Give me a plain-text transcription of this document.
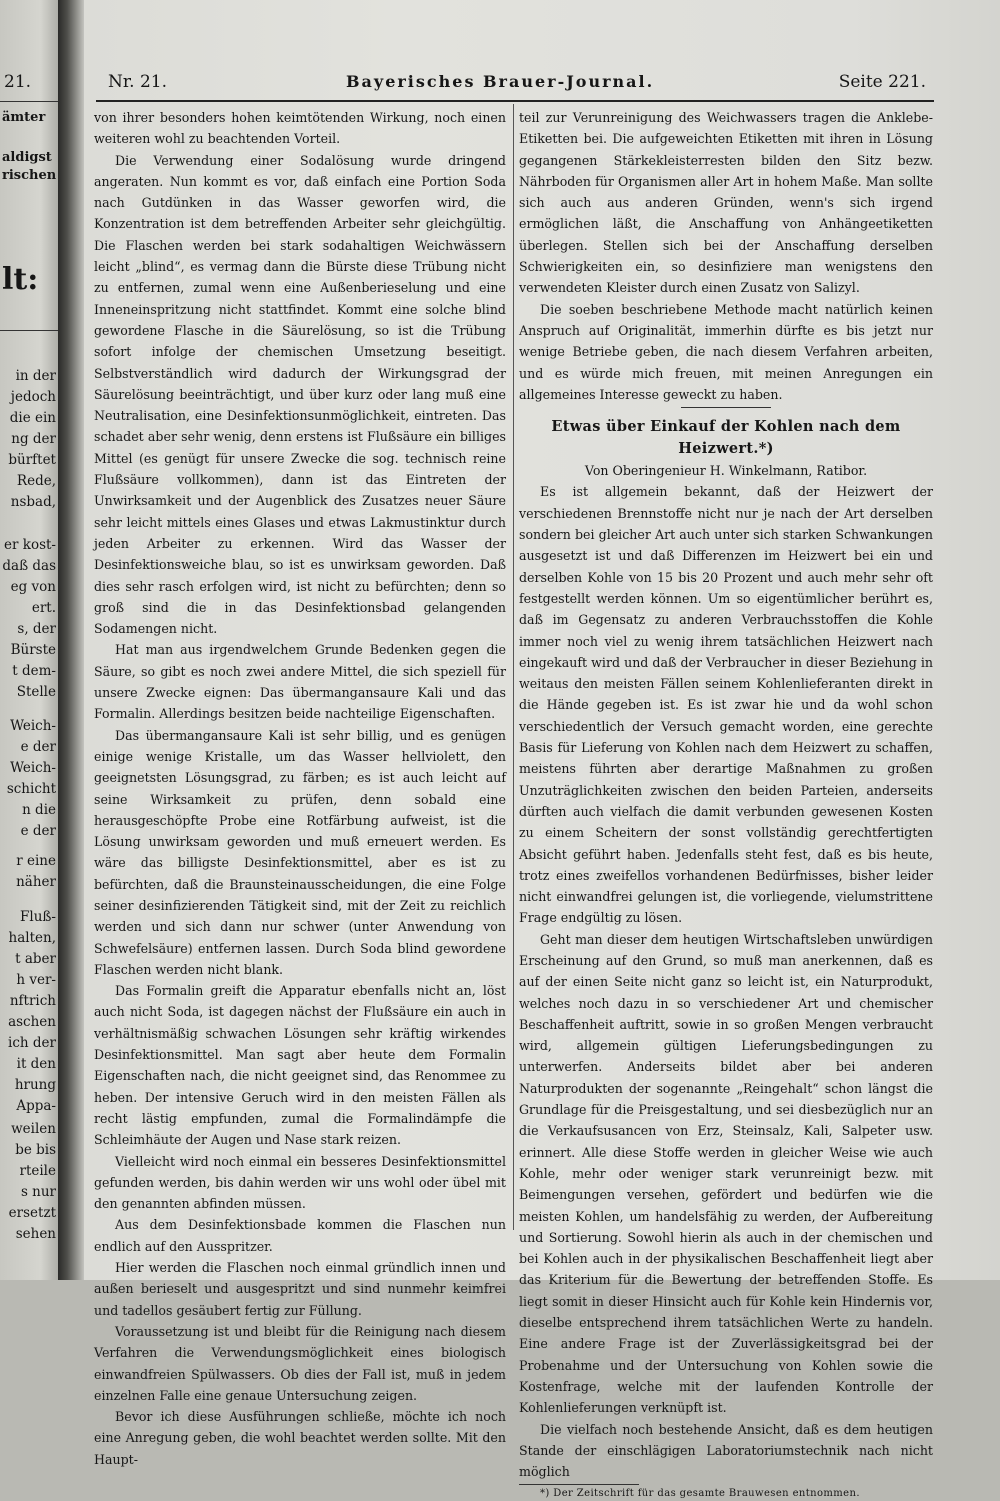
21.
ämter
aldigst
rischen
lt:
in der
jedoch
die ein
ng der
bürftet
Rede,
nsbad,
er kost-
daß das
eg von
ert.
s, der
Bürste
t dem-
Stelle
Weich-
e der
Weich-
schicht
n die
e der
r eine
näher
Fluß-
halten,
t aber
h ver-
nftrich
aschen
ich der
it den
hrung
Appa-
weilen
be bis
rteile
s nur
ersetzt
sehen
Nr. 21.	Bayerisches Brauer-Journal.	Seite 221.

von ihrer besonders hohen keimtötenden Wirkung, noch einen weiteren wohl zu beachtenden Vorteil.

Die Verwendung einer Sodalösung wurde dringend angeraten. Nun kommt es vor, daß einfach eine Portion Soda nach Gutdünken in das Wasser geworfen wird, die Konzentration ist dem betreffenden Arbeiter sehr gleichgültig. Die Flaschen werden bei stark sodahaltigen Weichwässern leicht „blind“, es vermag dann die Bürste diese Trübung nicht zu entfernen, zumal wenn eine Außenberieselung und eine Inneneinspritzung nicht stattfindet. Kommt eine solche blind gewordene Flasche in die Säurelösung, so ist die Trübung sofort infolge der chemischen Umsetzung beseitigt. Selbstverständlich wird dadurch der Wirkungsgrad der Säurelösung beeinträchtigt, und über kurz oder lang muß eine Neutralisation, eine Desinfektionsunmöglichkeit, eintreten. Das schadet aber sehr wenig, denn erstens ist Flußsäure ein billiges Mittel (es genügt für unsere Zwecke die sog. technisch reine Flußsäure vollkommen), dann ist das Eintreten der Unwirksamkeit und der Augenblick des Zusatzes neuer Säure sehr leicht mittels eines Glases und etwas Lakmustinktur durch jeden Arbeiter zu erkennen. Wird das Wasser der Desinfektionsweiche blau, so ist es unwirksam geworden. Daß dies sehr rasch erfolgen wird, ist nicht zu befürchten; denn so groß sind die in das Desinfektionsbad gelangenden Sodamengen nicht.

Hat man aus irgendwelchem Grunde Bedenken gegen die Säure, so gibt es noch zwei andere Mittel, die sich speziell für unsere Zwecke eignen: Das übermangansaure Kali und das Formalin. Allerdings besitzen beide nachteilige Eigenschaften.

Das übermangansaure Kali ist sehr billig, und es genügen einige wenige Kristalle, um das Wasser hellviolett, den geeignetsten Lösungsgrad, zu färben; es ist auch leicht auf seine Wirksamkeit zu prüfen, denn sobald eine herausgeschöpfte Probe eine Rotfärbung aufweist, ist die Lösung unwirksam geworden und muß erneuert werden. Es wäre das billigste Desinfektionsmittel, aber es ist zu befürchten, daß die Braunsteinausscheidungen, die eine Folge seiner desinfizierenden Tätigkeit sind, mit der Zeit zu reichlich werden und sich dann nur schwer (unter Anwendung von Schwefelsäure) entfernen lassen. Durch Soda blind gewordene Flaschen werden nicht blank.

Das Formalin greift die Apparatur ebenfalls nicht an, löst auch nicht Soda, ist dagegen nächst der Flußsäure ein auch in verhältnismäßig schwachen Lösungen sehr kräftig wirkendes Desinfektionsmittel. Man sagt aber heute dem Formalin Eigenschaften nach, die nicht geeignet sind, das Renommee zu heben. Der intensive Geruch wird in den meisten Fällen als recht lästig empfunden, zumal die Formalindämpfe die Schleimhäute der Augen und Nase stark reizen.

Vielleicht wird noch einmal ein besseres Desinfektionsmittel gefunden werden, bis dahin werden wir uns wohl oder übel mit den genannten abfinden müssen.

Aus dem Desinfektionsbade kommen die Flaschen nun endlich auf den Ausspritzer.

Hier werden die Flaschen noch einmal gründlich innen und außen berieselt und ausgespritzt und sind nunmehr keimfrei und tadellos gesäubert fertig zur Füllung.

Voraussetzung ist und bleibt für die Reinigung nach diesem Verfahren die Verwendungsmöglichkeit eines biologisch einwandfreien Spülwassers. Ob dies der Fall ist, muß in jedem einzelnen Falle eine genaue Untersuchung zeigen.

Bevor ich diese Ausführungen schließe, möchte ich noch eine Anregung geben, die wohl beachtet werden sollte. Mit den Haupt-

teil zur Verunreinigung des Weichwassers tragen die Anklebe-Etiketten bei. Die aufgeweichten Etiketten mit ihren in Lösung gegangenen Stärkekleisterresten bilden den Sitz bezw. Nährboden für Organismen aller Art in hohem Maße. Man sollte sich auch aus anderen Gründen, wenn's sich irgend ermöglichen läßt, die Anschaffung von Anhängeetiketten überlegen. Stellen sich bei der Anschaffung derselben Schwierigkeiten ein, so desinfiziere man wenigstens den verwendeten Kleister durch einen Zusatz von Salizyl.

Die soeben beschriebene Methode macht natürlich keinen Anspruch auf Originalität, immerhin dürfte es bis jetzt nur wenige Betriebe geben, die nach diesem Verfahren arbeiten, und es würde mich freuen, mit meinen Anregungen ein allgemeines Interesse geweckt zu haben.

Etwas über Einkauf der Kohlen nach dem Heizwert.*)

Von Oberingenieur H. Winkelmann, Ratibor.

Es ist allgemein bekannt, daß der Heizwert der verschiedenen Brennstoffe nicht nur je nach der Art derselben sondern bei gleicher Art auch unter sich starken Schwankungen ausgesetzt ist und daß Differenzen im Heizwert bei ein und derselben Kohle von 15 bis 20 Prozent und auch mehr sehr oft festgestellt werden können. Um so eigentümlicher berührt es, daß im Gegensatz zu anderen Verbrauchsstoffen die Kohle immer noch viel zu wenig ihrem tatsächlichen Heizwert nach eingekauft wird und daß der Verbraucher in dieser Beziehung in weitaus den meisten Fällen seinem Kohlenlieferanten direkt in die Hände gegeben ist. Es ist zwar hie und da wohl schon verschiedentlich der Versuch gemacht worden, eine gerechte Basis für Lieferung von Kohlen nach dem Heizwert zu schaffen, meistens führten aber derartige Maßnahmen zu großen Unzuträglichkeiten zwischen den beiden Parteien, anderseits dürften auch vielfach die damit verbunden gewesenen Kosten zu einem Scheitern der sonst vollständig gerechtfertigten Absicht geführt haben. Jedenfalls steht fest, daß es bis heute, trotz eines zweifellos vorhandenen Bedürfnisses, bisher leider nicht einwandfrei gelungen ist, die vorliegende, vielumstrittene Frage endgültig zu lösen.

Geht man dieser dem heutigen Wirtschaftsleben unwürdigen Erscheinung auf den Grund, so muß man anerkennen, daß es auf der einen Seite nicht ganz so leicht ist, ein Naturprodukt, welches noch dazu in so verschiedener Art und chemischer Beschaffenheit auftritt, sowie in so großen Mengen verbraucht wird, allgemein gültigen Lieferungsbedingungen zu unterwerfen. Anderseits bildet aber bei anderen Naturprodukten der sogenannte „Reingehalt“ schon längst die Grundlage für die Preisgestaltung, und sei diesbezüglich nur an die Verkaufsusancen von Erz, Steinsalz, Kali, Salpeter usw. erinnert. Alle diese Stoffe werden in gleicher Weise wie auch Kohle, mehr oder weniger stark verunreinigt bezw. mit Beimengungen versehen, gefördert und bedürfen wie die meisten Kohlen, um handelsfähig zu werden, der Aufbereitung und Sortierung. Sowohl hierin als auch in der chemischen und bei Kohlen auch in der physikalischen Beschaffenheit liegt aber das Kriterium für die Bewertung der betreffenden Stoffe. Es liegt somit in dieser Hinsicht auch für Kohle kein Hindernis vor, dieselbe entsprechend ihrem tatsächlichen Werte zu handeln. Eine andere Frage ist der Zuverlässigkeitsgrad bei der Probenahme und der Untersuchung von Kohlen sowie die Kostenfrage, welche mit der laufenden Kontrolle der Kohlenlieferungen verknüpft ist.

Die vielfach noch bestehende Ansicht, daß es dem heutigen Stande der einschlägigen Laboratoriumstechnik nach nicht möglich

*) Der Zeitschrift für das gesamte Brauwesen entnommen.
